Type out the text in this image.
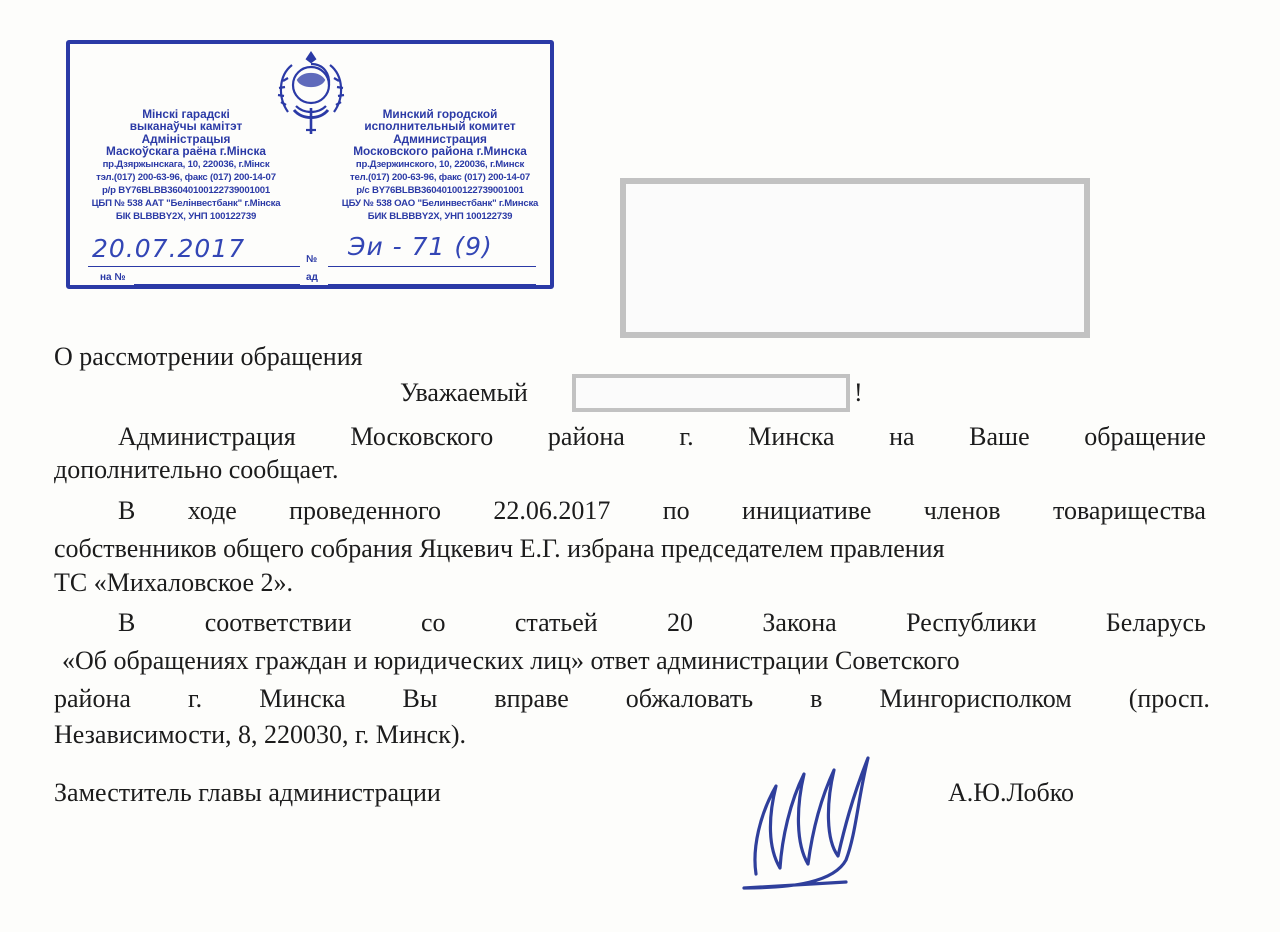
Мінскі гарадскі
выканаўчы камітэт
Адміністрацыя
Маскоўскага раёна г.Мінска
пр.Дзяржынскага, 10, 220036, г.Мінск
тэл.(017) 200-63-96, факс (017) 200-14-07
р/р BY76BLBB36040100122739001001
ЦБП № 538 ААТ "Белінвестбанк" г.Мінска
БІК BLBBBY2X, УНП 100122739
Минский городской
исполнительный комитет
Администрация
Московского района г.Минска
пр.Дзержинского, 10, 220036, г.Минск
тел.(017) 200-63-96, факс (017) 200-14-07
р/с BY76BLBB36040100122739001001
ЦБУ № 538 ОАО "Белинвестбанк" г.Минска
БИК BLBBBY2X, УНП 100122739
№
на №	ад
20.07.2017	Эи - 71 (9)
О рассмотрении обращения
Уважаемый	!
Администрация Московского района г. Минска на Ваше обращение
дополнительно сообщает.
В ходе проведенного 22.06.2017 по инициативе членов товарищества
собственников общего собрания Яцкевич Е.Г. избрана председателем правления
ТС «Михаловское 2».
В	соответствии	со	статьей	20	Закона	Республики	Беларусь
«Об обращениях граждан и юридических лиц» ответ администрации Советского
района г. Минска Вы вправе обжаловать в Мингорисполком (просп.
Независимости, 8, 220030, г. Минск).
Заместитель главы администрации	А.Ю.Лобко
